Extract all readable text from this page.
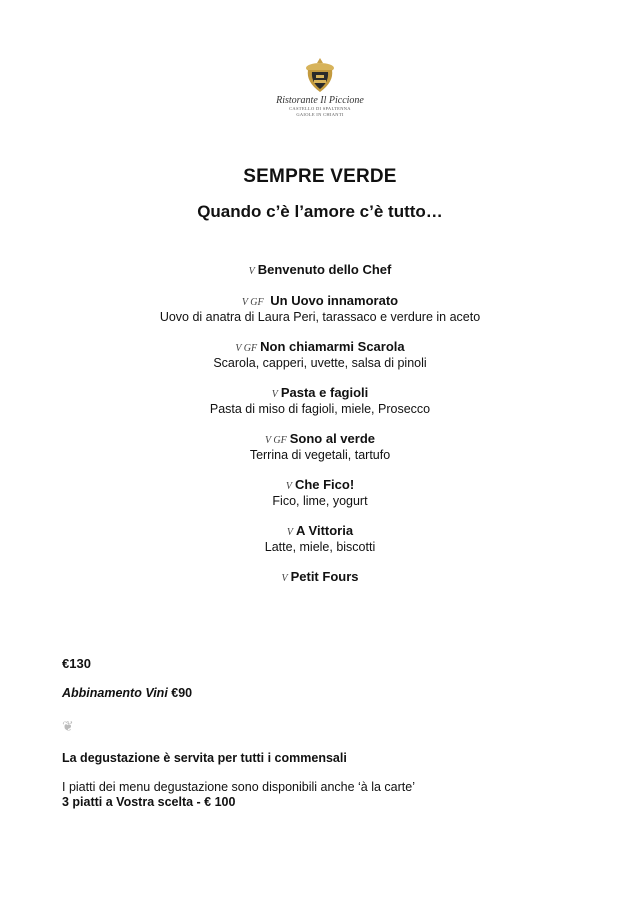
Ristorante Il Piccione
CASTELLO DI SPALTENNA
GAIOLE IN CHIANTI
SEMPRE VERDE
Quando c’è l’amore c’è tutto…
V Benvenuto dello Chef
V GF Un Uovo innamorato
Uovo di anatra di Laura Peri, tarassaco e verdure in aceto
V GF Non chiamarmi Scarola
Scarola, capperi, uvette, salsa di pinoli
V Pasta e fagioli
Pasta di miso di fagioli, miele, Prosecco
V GF Sono al verde
Terrina di vegetali, tartufo
V Che Fico!
Fico, lime, yogurt
V A Vittoria
Latte, miele, biscotti
V Petit Fours
€130
Abbinamento Vini €90
❦
La degustazione è servita per tutti i commensali
I piatti dei menu degustazione sono disponibili anche ‘à la carte’
3 piatti a Vostra scelta - € 100
